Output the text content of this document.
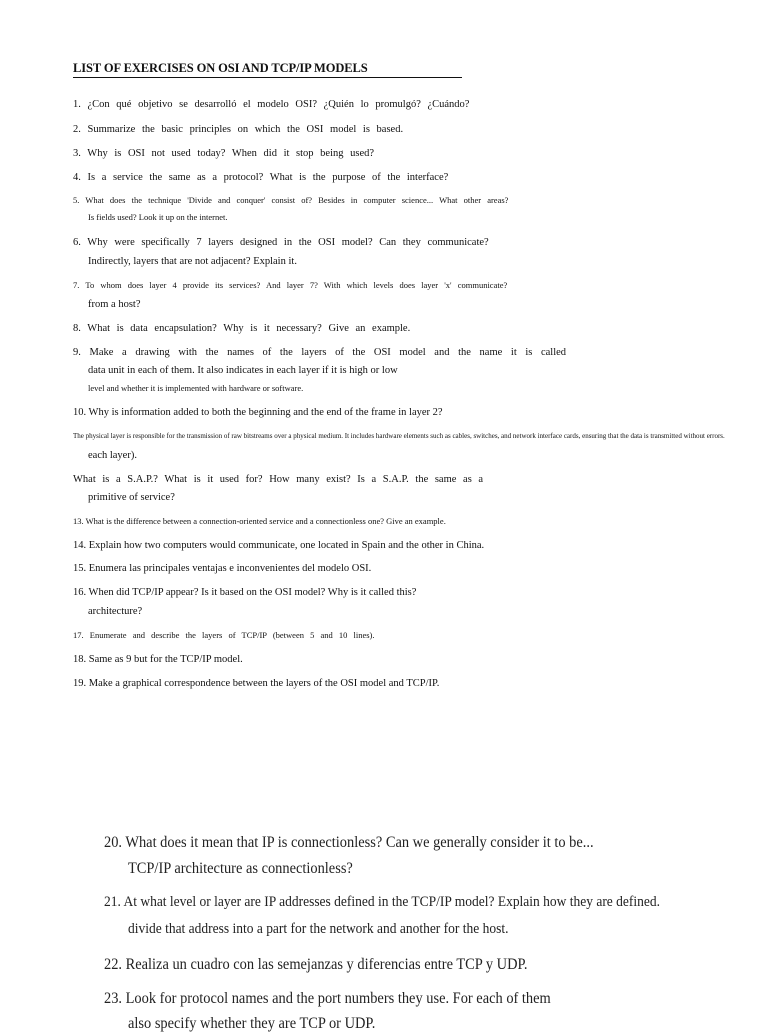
LIST OF EXERCISES ON OSI AND TCP/IP MODELS
1. ¿Con qué objetivo se desarrolló el modelo OSI? ¿Quién lo promulgó? ¿Cuándo?
2. Summarize the basic principles on which the OSI model is based.
3. Why is OSI not used today? When did it stop being used?
4. Is a service the same as a protocol? What is the purpose of the interface?
5. What does the technique 'Divide and conquer' consist of? Besides in computer science... What other areas?
Is fields used? Look it up on the internet.
6. Why were specifically 7 layers designed in the OSI model? Can they communicate?
Indirectly, layers that are not adjacent? Explain it.
7. To whom does layer 4 provide its services? And layer 7? With which levels does layer 'x' communicate?
from a host?
8. What is data encapsulation? Why is it necessary? Give an example.
9. Make a drawing with the names of the layers of the OSI model and the name it is called
data unit in each of them. It also indicates in each layer if it is high or low
level and whether it is implemented with hardware or software.
10. Why is information added to both the beginning and the end of the frame in layer 2?
The physical layer is responsible for the transmission of raw bitstreams over a physical medium. It includes hardware elements such as cables, switches, and network interface cards, ensuring that the data is transmitted without errors.
each layer).
What is a S.A.P.? What is it used for? How many exist? Is a S.A.P. the same as a
primitive of service?
13. What is the difference between a connection-oriented service and a connectionless one? Give an example.
14. Explain how two computers would communicate, one located in Spain and the other in China.
15. Enumera las principales ventajas e inconvenientes del modelo OSI.
16. When did TCP/IP appear? Is it based on the OSI model? Why is it called this?
architecture?
17. Enumerate and describe the layers of TCP/IP (between 5 and 10 lines).
18. Same as 9 but for the TCP/IP model.
19. Make a graphical correspondence between the layers of the OSI model and TCP/IP.
20. What does it mean that IP is connectionless? Can we generally consider it to be...
TCP/IP architecture as connectionless?
21. At what level or layer are IP addresses defined in the TCP/IP model? Explain how they are defined.
divide that address into a part for the network and another for the host.
22. Realiza un cuadro con las semejanzas y diferencias entre TCP y UDP.
23. Look for protocol names and the port numbers they use. For each of them
also specify whether they are TCP or UDP.
